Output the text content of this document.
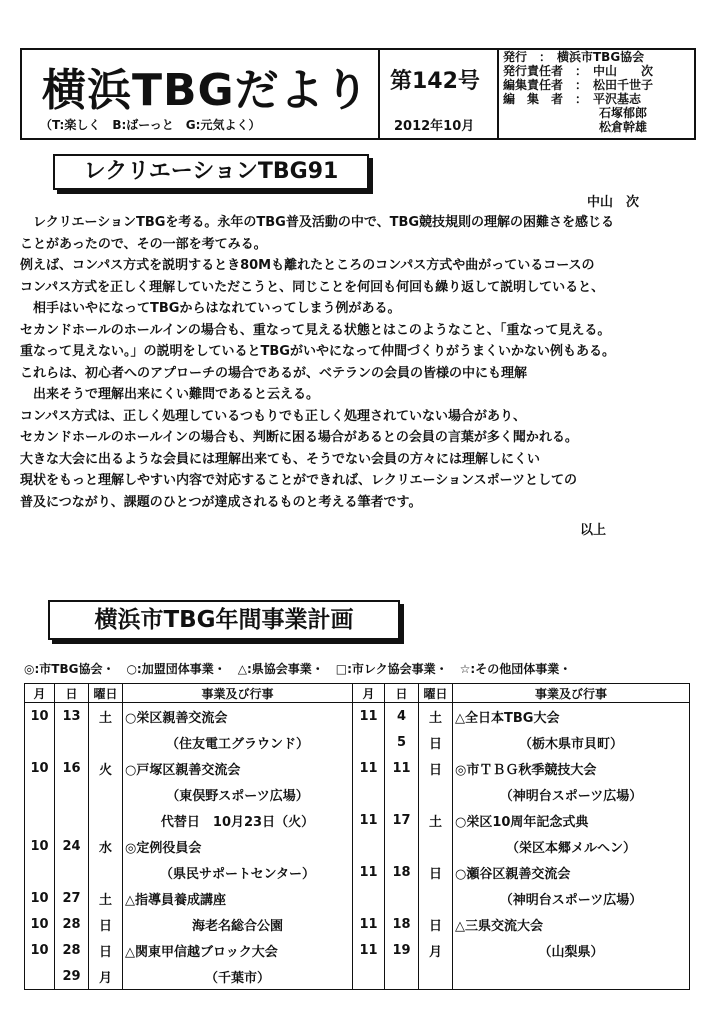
横浜TBGだより
（T:楽しく　B:ばーっと　G:元気よく）
第142号
2012年10月
発行　：　横浜市TBG協会
発行責任者　：　中山　　次
編集責任者　：　松田千世子
編　集　者　：　平沢基志
　　　　　　　　石塚郁郎
　　　　　　　　松倉幹雄
レクリエーションTBG91
中山　次
　レクリエーションTBGを考る。永年のTBG普及活動の中で、TBG競技規則の理解の困難さを感じる
ことがあったので、その一部を考てみる。
例えば、コンパス方式を説明するとき80Mも離れたところのコンパス方式や曲がっているコースの
コンパス方式を正しく理解していただこうと、同じことを何回も何回も繰り返して説明していると、
　相手はいやになってTBGからはなれていってしまう例がある。
セカンドホールのホールインの場合も、重なって見える状態とはこのようなこと、「重なって見える。
重なって見えない。」の説明をしているとTBGがいやになって仲間づくりがうまくいかない例もある。
これらは、初心者へのアプローチの場合であるが、ベテランの会員の皆様の中にも理解
　出来そうで理解出来にくい難問であると云える。
コンパス方式は、正しく処理しているつもりでも正しく処理されていない場合があり、
セカンドホールのホールインの場合も、判断に困る場合があるとの会員の言葉が多く聞かれる。
大きな大会に出るような会員には理解出来ても、そうでない会員の方々には理解しにくい
現状をもっと理解しやすい内容で対応することができれば、レクリエーションスポーツとしての
普及につながり、課題のひとつが達成されるものと考える筆者です。
以上
横浜市TBG年間事業計画
◎:市TBG協会・　○:加盟団体事業・　△:県協会事業・　□:市レク協会事業・　☆:その他団体事業・
月	日	曜日	事業及び行事	月	日	曜日	事業及び行事
10	13	土	○栄区親善交流会	11	4	土	△全日本TBG大会
			（住友電工グラウンド）		5	日	（栃木県市貝町）
10	16	火	○戸塚区親善交流会	11	11	日	◎市ＴＢＧ秋季競技大会
			（東俣野スポーツ広場）				（神明台スポーツ広場）
			代替日　10月23日（火）	11	17	土	○栄区10周年記念式典
10	24	水	◎定例役員会				（栄区本郷メルヘン）
			（県民サポートセンター）	11	18	日	○瀬谷区親善交流会
10	27	土	△指導員養成講座				（神明台スポーツ広場）
10	28	日	海老名総合公園	11	18	日	△三県交流大会
10	28	日	△関東甲信越ブロック大会	11	19	月	（山梨県）
	29	月	（千葉市）				
